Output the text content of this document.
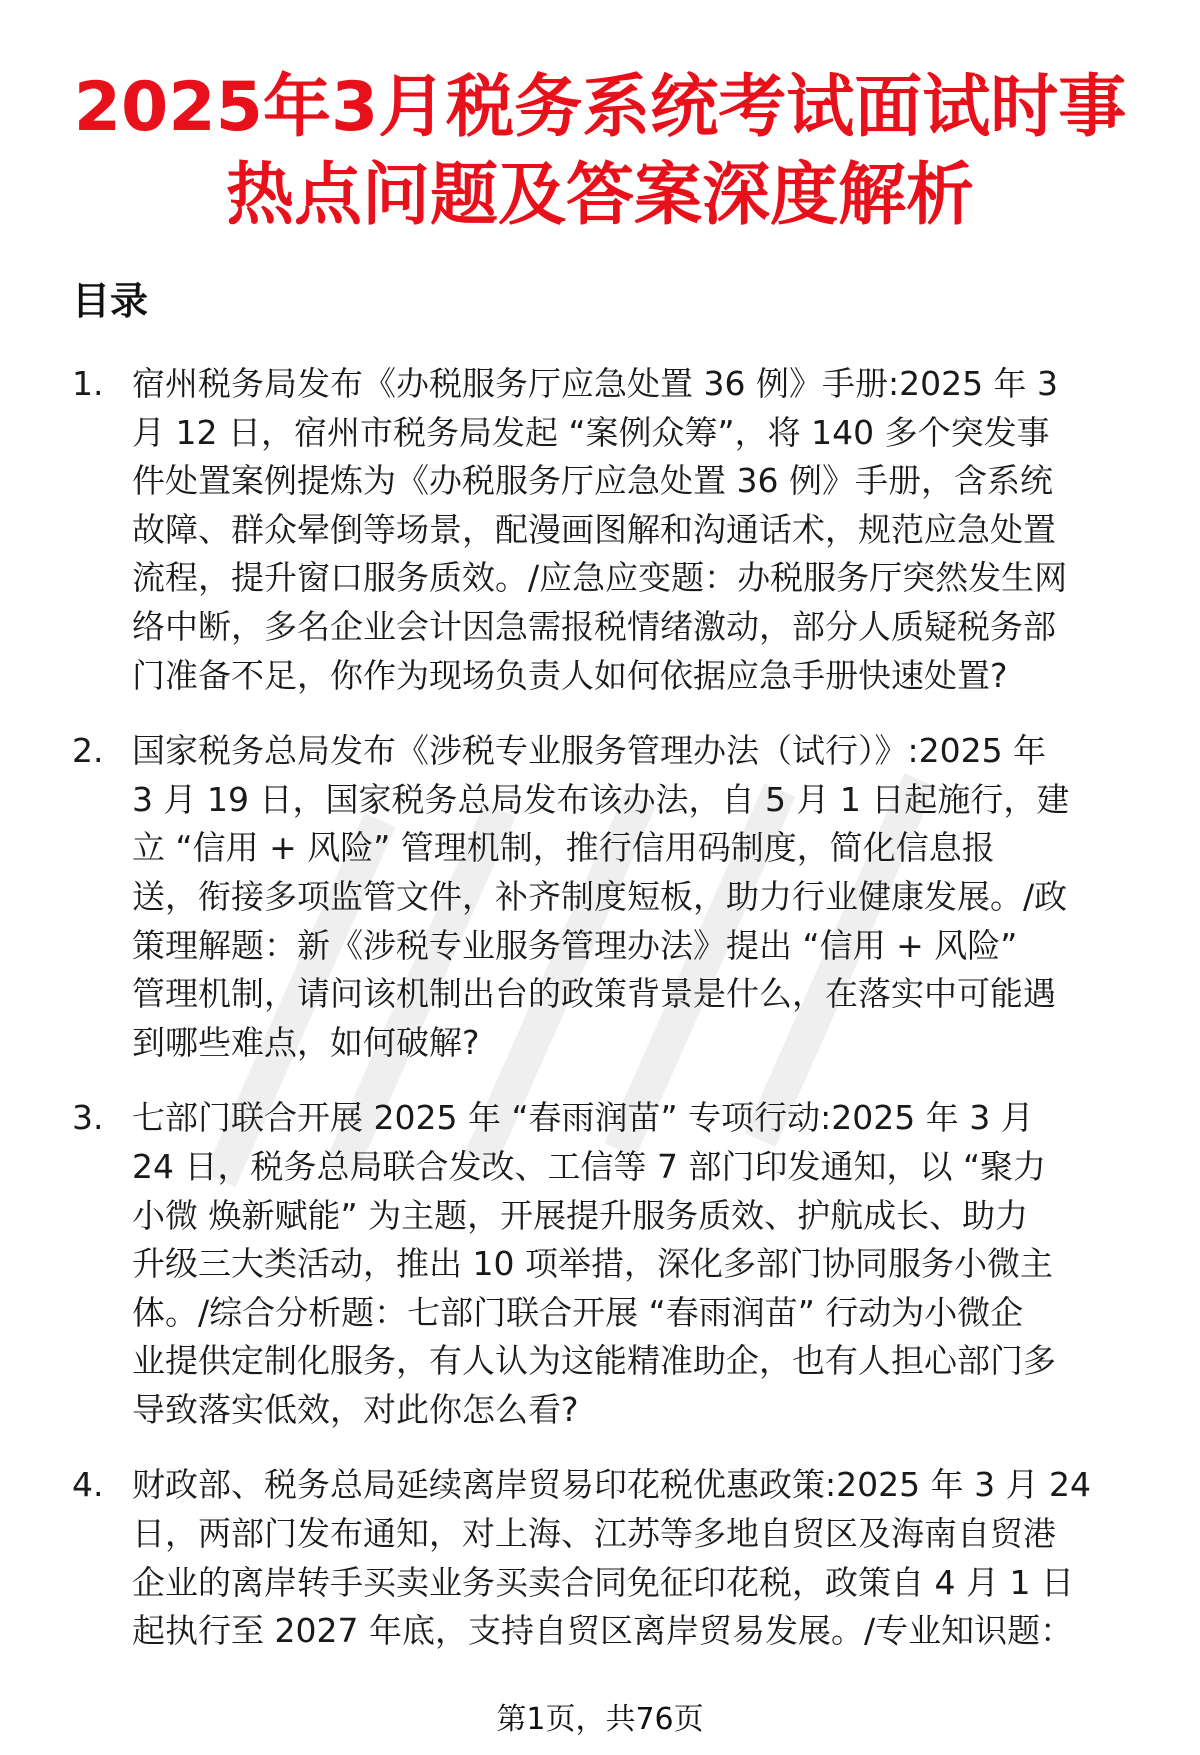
2025年3月税务系统考试面试时事
热点问题及答案深度解析
目录
1. 宿州税务局发布《办税服务厅应急处置 36 例》手册:2025 年 3
月 12 日，宿州市税务局发起 “案例众筹”，将 140 多个突发事
件处置案例提炼为《办税服务厅应急处置 36 例》手册，含系统
故障、群众晕倒等场景，配漫画图解和沟通话术，规范应急处置
流程，提升窗口服务质效。/应急应变题：办税服务厅突然发生网
络中断，多名企业会计因急需报税情绪激动，部分人质疑税务部
门准备不足，你作为现场负责人如何依据应急手册快速处置?
2. 国家税务总局发布《涉税专业服务管理办法（试行）》:2025 年
3 月 19 日，国家税务总局发布该办法，自 5 月 1 日起施行，建
立 “信用 + 风险” 管理机制，推行信用码制度，简化信息报
送，衔接多项监管文件，补齐制度短板，助力行业健康发展。/政
策理解题：新《涉税专业服务管理办法》提出 “信用 + 风险”
管理机制，请问该机制出台的政策背景是什么，在落实中可能遇
到哪些难点，如何破解?
3. 七部门联合开展 2025 年 “春雨润苗” 专项行动:2025 年 3 月
24 日，税务总局联合发改、工信等 7 部门印发通知，以 “聚力
小微 焕新赋能” 为主题，开展提升服务质效、护航成长、助力
升级三大类活动，推出 10 项举措，深化多部门协同服务小微主
体。/综合分析题：七部门联合开展 “春雨润苗” 行动为小微企
业提供定制化服务，有人认为这能精准助企，也有人担心部门多
导致落实低效，对此你怎么看?
4. 财政部、税务总局延续离岸贸易印花税优惠政策:2025 年 3 月 24
日，两部门发布通知，对上海、江苏等多地自贸区及海南自贸港
企业的离岸转手买卖业务买卖合同免征印花税，政策自 4 月 1 日
起执行至 2027 年底，支持自贸区离岸贸易发展。/专业知识题：
第1页，共76页
